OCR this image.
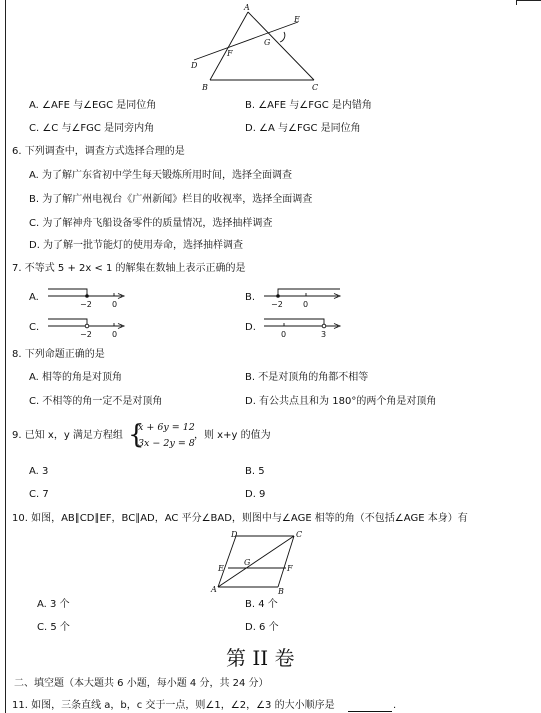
A
E
F
G
D
B	C
A. ∠AFE 与∠EGC 是同位角	B. ∠AFE 与∠FGC 是内错角
C. ∠C 与∠FGC 是同旁内角	D. ∠A 与∠FGC 是同位角
6. 下列调查中，调查方式选择合理的是
A. 为了解广东省初中学生每天锻炼所用时间，选择全面调查
B. 为了解广州电视台《广州新闻》栏目的收视率，选择全面调查
C. 为了解神舟飞船设备零件的质量情况，选择抽样调查
D. 为了解一批节能灯的使用寿命，选择抽样调查
7. 不等式 5 + 2x < 1 的解集在数轴上表示正确的是
A.
−2	0
B.
−2	0
C.
−2	0
D.
0	3
8. 下列命题正确的是
A. 相等的角是对顶角	B. 不是对顶角的角都不相等
C. 不相等的角一定不是对顶角	D. 有公共点且和为 180°的两个角是对顶角
9. 已知 x，y 满足方程组 {
x + 6y = 12
3x − 2y = 8
，则 x+y 的值为
A. 3	B. 5
C. 7	D. 9
10. 如图，AB∥CD∥EF，BC∥AD，AC 平分∠BAD，则图中与∠AGE 相等的角（不包括∠AGE 本身）有
D	C
E
G
F
A	B
A. 3 个	B. 4 个
C. 5 个	D. 6 个
第 II 卷
二、填空题（本大题共 6 小题，每小题 4 分，共 24 分）
11. 如图，三条直线 a，b，c 交于一点，则∠1，∠2，∠3 的大小顺序是	.
